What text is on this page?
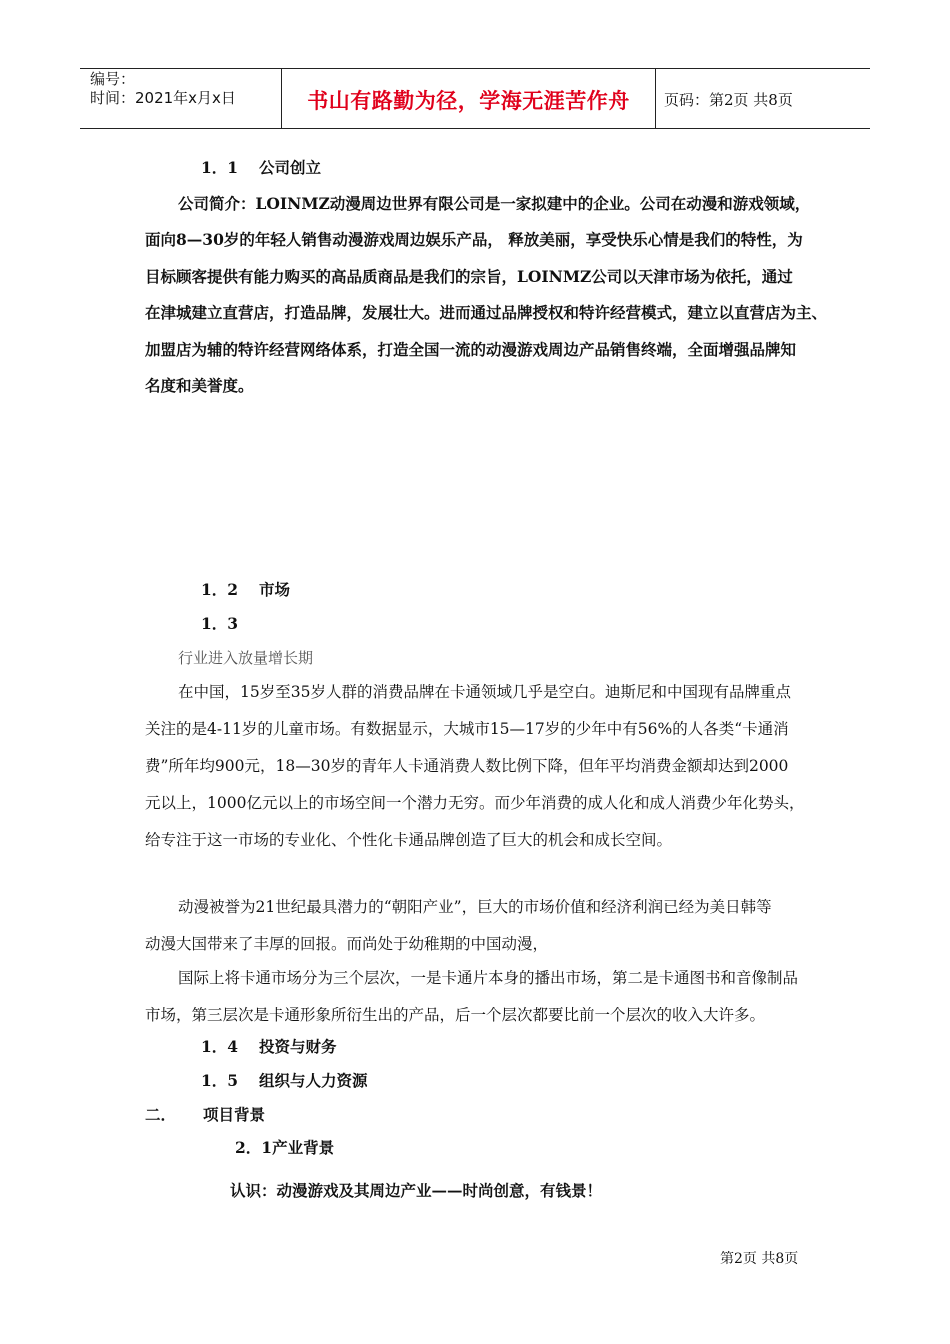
编号：
时间：2021年x月x日	书山有路勤为径，学海无涯苦作舟	页码：第2页 共8页
1．1 公司创立
公司简介：LOINMZ动漫周边世界有限公司是一家拟建中的企业。公司在动漫和游戏领域，
面向8—30岁的年轻人销售动漫游戏周边娱乐产品， 释放美丽，享受快乐心情是我们的特性，为
目标顾客提供有能力购买的高品质商品是我们的宗旨，LOINMZ公司以天津市场为依托，通过
在津城建立直营店，打造品牌，发展壮大。进而通过品牌授权和特许经营模式，建立以直营店为主、
加盟店为辅的特许经营网络体系，打造全国一流的动漫游戏周边产品销售终端，全面增强品牌知
名度和美誉度。
1．2 市场
1．3
行业进入放量增长期
在中国，15岁至35岁人群的消费品牌在卡通领域几乎是空白。迪斯尼和中国现有品牌重点
关注的是4-11岁的儿童市场。有数据显示，大城市15—17岁的少年中有56%的人各类“卡通消
费”所年均900元，18—30岁的青年人卡通消费人数比例下降，但年平均消费金额却达到2000
元以上，1000亿元以上的市场空间一个潜力无穷。而少年消费的成人化和成人消费少年化势头，
给专注于这一市场的专业化、个性化卡通品牌创造了巨大的机会和成长空间。
动漫被誉为21世纪最具潜力的“朝阳产业”，巨大的市场价值和经济利润已经为美日韩等
动漫大国带来了丰厚的回报。而尚处于幼稚期的中国动漫，
国际上将卡通市场分为三个层次，一是卡通片本身的播出市场，第二是卡通图书和音像制品
市场，第三层次是卡通形象所衍生出的产品，后一个层次都要比前一个层次的收入大许多。
1．4 投资与财务
1．5 组织与人力资源
二． 项目背景
2．1产业背景
认识：动漫游戏及其周边产业——时尚创意，有钱景！
第2页 共8页
